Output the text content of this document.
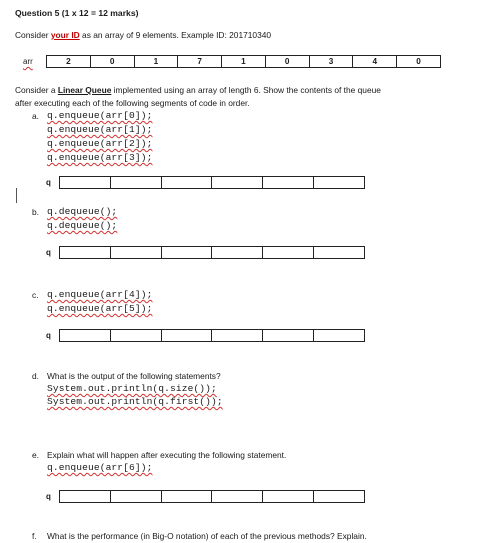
Question 5 (1 x 12 = 12 marks)
Consider your ID as an array of 9 elements. Example ID: 201710340
arr	2	0	1	7	1	0	3	4	0
Consider a Linear Queue implemented using an array of length 6. Show the contents of the queue
after executing each of the following segments of code in order.
a. q.enqueue(arr[0]);
q.enqueue(arr[1]);
q.enqueue(arr[2]);
q.enqueue(arr[3]);
q

b. q.dequeue();
q.dequeue();
q

c. q.enqueue(arr[4]);
q.enqueue(arr[5]);
q

d. What is the output of the following statements?
System.out.println(q.size());
System.out.println(q.first());
e. Explain what will happen after executing the following statement.
q.enqueue(arr[6]);
q

f. What is the performance (in Big-O notation) of each of the previous methods? Explain.
